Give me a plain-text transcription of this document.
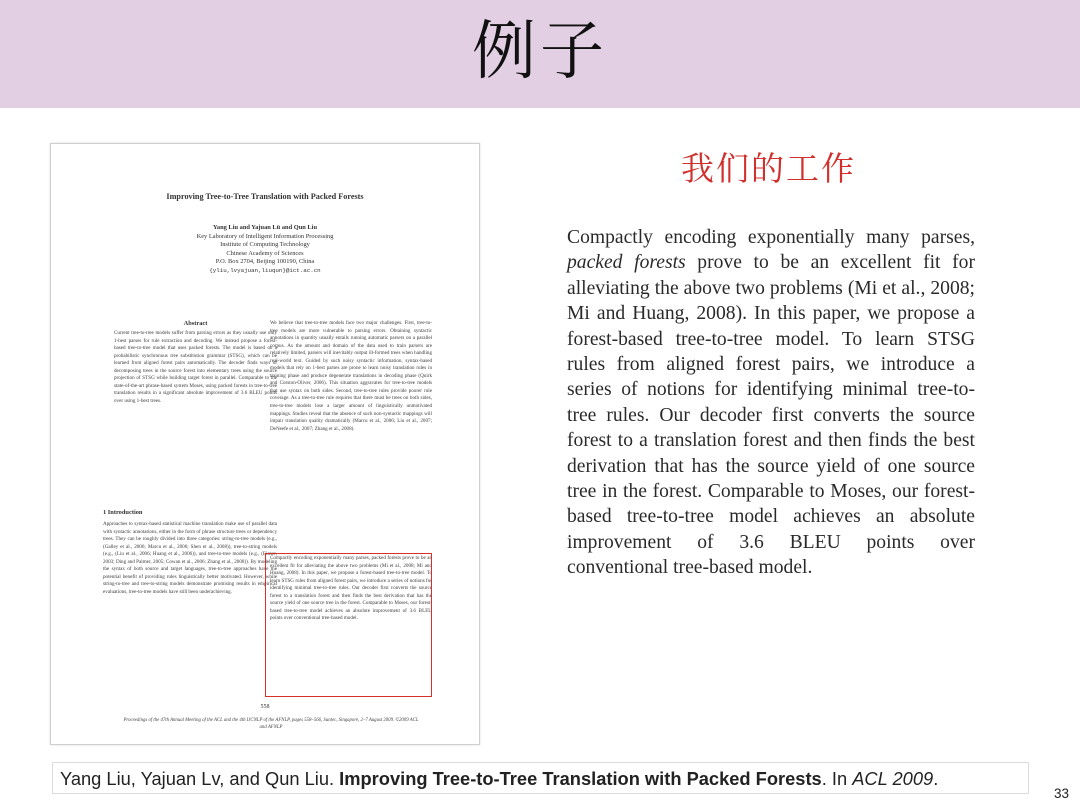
例子
Improving Tree-to-Tree Translation with Packed Forests
Yang Liu and Yajuan Lü and Qun Liu
Key Laboratory of Intelligent Information Processing
Institute of Computing Technology
Chinese Academy of Sciences
P.O. Box 2704, Beijing 100190, China
{yliu,lvyajuan,liuqun}@ict.ac.cn
Abstract
Current tree-to-tree models suffer from parsing errors as they usually use only 1-best parses for rule extraction and decoding. We instead propose a forest-based tree-to-tree model that uses packed forests. The model is based on a probabilistic synchronous tree substitution grammar (STSG), which can be learned from aligned forest pairs automatically. The decoder finds ways of decomposing trees in the source forest into elementary trees using the source projection of STSG while building target forest in parallel. Comparable to the state-of-the-art phrase-based system Moses, using packed forests in tree-to-tree translation results in a significant absolute improvement of 3.6 BLEU points over using 1-best trees.
1 Introduction
Approaches to syntax-based statistical machine translation make use of parallel data with syntactic annotations, either in the form of phrase structure trees or dependency trees. They can be roughly divided into three categories: string-to-tree models (e.g., (Galley et al., 2006; Marcu et al., 2006; Shen et al., 2008)), tree-to-string models (e.g., (Liu et al., 2006; Huang et al., 2006)), and tree-to-tree models (e.g., (Eisner, 2003; Ding and Palmer, 2005; Cowan et al., 2006; Zhang et al., 2008)). By modeling the syntax of both source and target languages, tree-to-tree approaches have the potential benefit of providing rules linguistically better motivated. However, while string-to-tree and tree-to-string models demonstrate promising results in empirical evaluations, tree-to-tree models have still been underachieving.
We believe that tree-to-tree models face two major challenges. First, tree-to-tree models are more vulnerable to parsing errors. Obtaining syntactic annotations in quantity usually entails running automatic parsers on a parallel corpus. As the amount and domain of the data used to train parsers are relatively limited, parsers will inevitably output ill-formed trees when handling real-world text. Guided by such noisy syntactic information, syntax-based models that rely on 1-best parses are prone to learn noisy translation rules in training phase and produce degenerate translations in decoding phase (Quirk and Corston-Oliver, 2006). This situation aggravates for tree-to-tree models that use syntax on both sides. Second, tree-to-tree rules provide poorer rule coverage. As a tree-to-tree rule requires that there must be trees on both sides, tree-to-tree models lose a larger amount of linguistically unmotivated mappings. Studies reveal that the absence of such non-syntactic mappings will impair translation quality dramatically (Marcu et al., 2006; Liu et al., 2007; DeNeefe et al., 2007; Zhang et al., 2008).
Compactly encoding exponentially many parses, packed forests prove to be an excellent fit for alleviating the above two problems (Mi et al., 2008; Mi and Huang, 2008). In this paper, we propose a forest-based tree-to-tree model. To learn STSG rules from aligned forest pairs, we introduce a series of notions for identifying minimal tree-to-tree rules. Our decoder first converts the source forest to a translation forest and then finds the best derivation that has the source yield of one source tree in the forest. Comparable to Moses, our forest-based tree-to-tree model achieves an absolute improvement of 3.6 BLEU points over conventional tree-based model.
558
Proceedings of the 47th Annual Meeting of the ACL and the 4th IJCNLP of the AFNLP, pages 558–566, Suntec, Singapore, 2–7 August 2009. ©2009 ACL and AFNLP
我们的工作
Compactly encoding exponentially many parses, packed forests prove to be an excellent fit for alleviating the above two problems (Mi et al., 2008; Mi and Huang, 2008). In this paper, we propose a forest-based tree-to-tree model. To learn STSG rules from aligned forest pairs, we introduce a series of notions for identifying minimal tree-to-tree rules. Our decoder first converts the source forest to a translation forest and then finds the best derivation that has the source yield of one source tree in the forest. Comparable to Moses, our forest-based tree-to-tree model achieves an absolute improvement of 3.6 BLEU points over conventional tree-based model.
Yang Liu, Yajuan Lv, and Qun Liu. Improving Tree-to-Tree Translation with Packed Forests. In ACL 2009.
33
